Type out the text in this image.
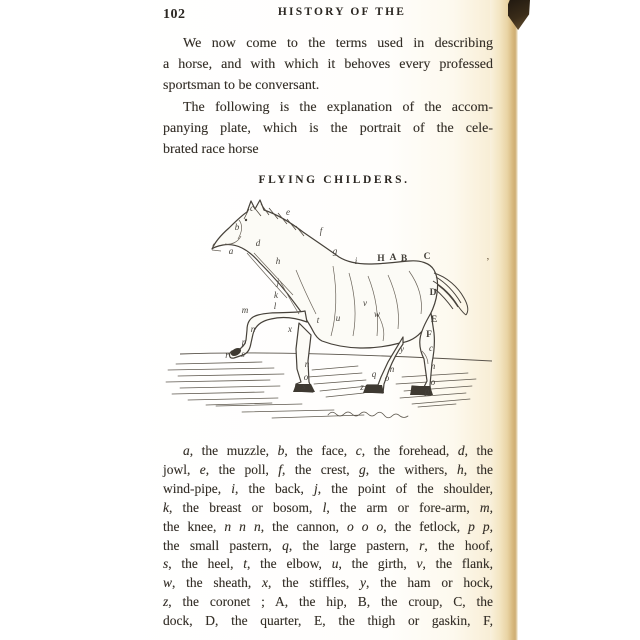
’
102	HISTORY OF THE
We now come to the terms used in describing
a horse, and with which it behoves every professed
sportsman to be conversant.
The following is the explanation of the accom-
panying plate, which is the portrait of the cele-
brated race horse
FLYING CHILDERS.
a
b
c
d
e
f
g
h	i H A B C
j
k
l
m
n
p
r s
x
t u
v
w
D
E
F
c
y
n
o
s
q n
o
z
n
o
p
a, the muzzle, b, the face, c, the forehead, d, the
jowl, e, the poll, f, the crest, g, the withers, h, the
wind-pipe, i, the back, j, the point of the shoulder,
k, the breast or bosom, l, the arm or fore-arm, m,
the knee, n n n, the cannon, o o o, the fetlock, p p,
the small pastern, q, the large pastern, r, the hoof,
s, the heel, t, the elbow, u, the girth, v, the flank,
w, the sheath, x, the stiffles, y, the ham or hock,
z, the coronet ; A, the hip, B, the croup, C, the
dock, D, the quarter, E, the thigh or gaskin, F,
